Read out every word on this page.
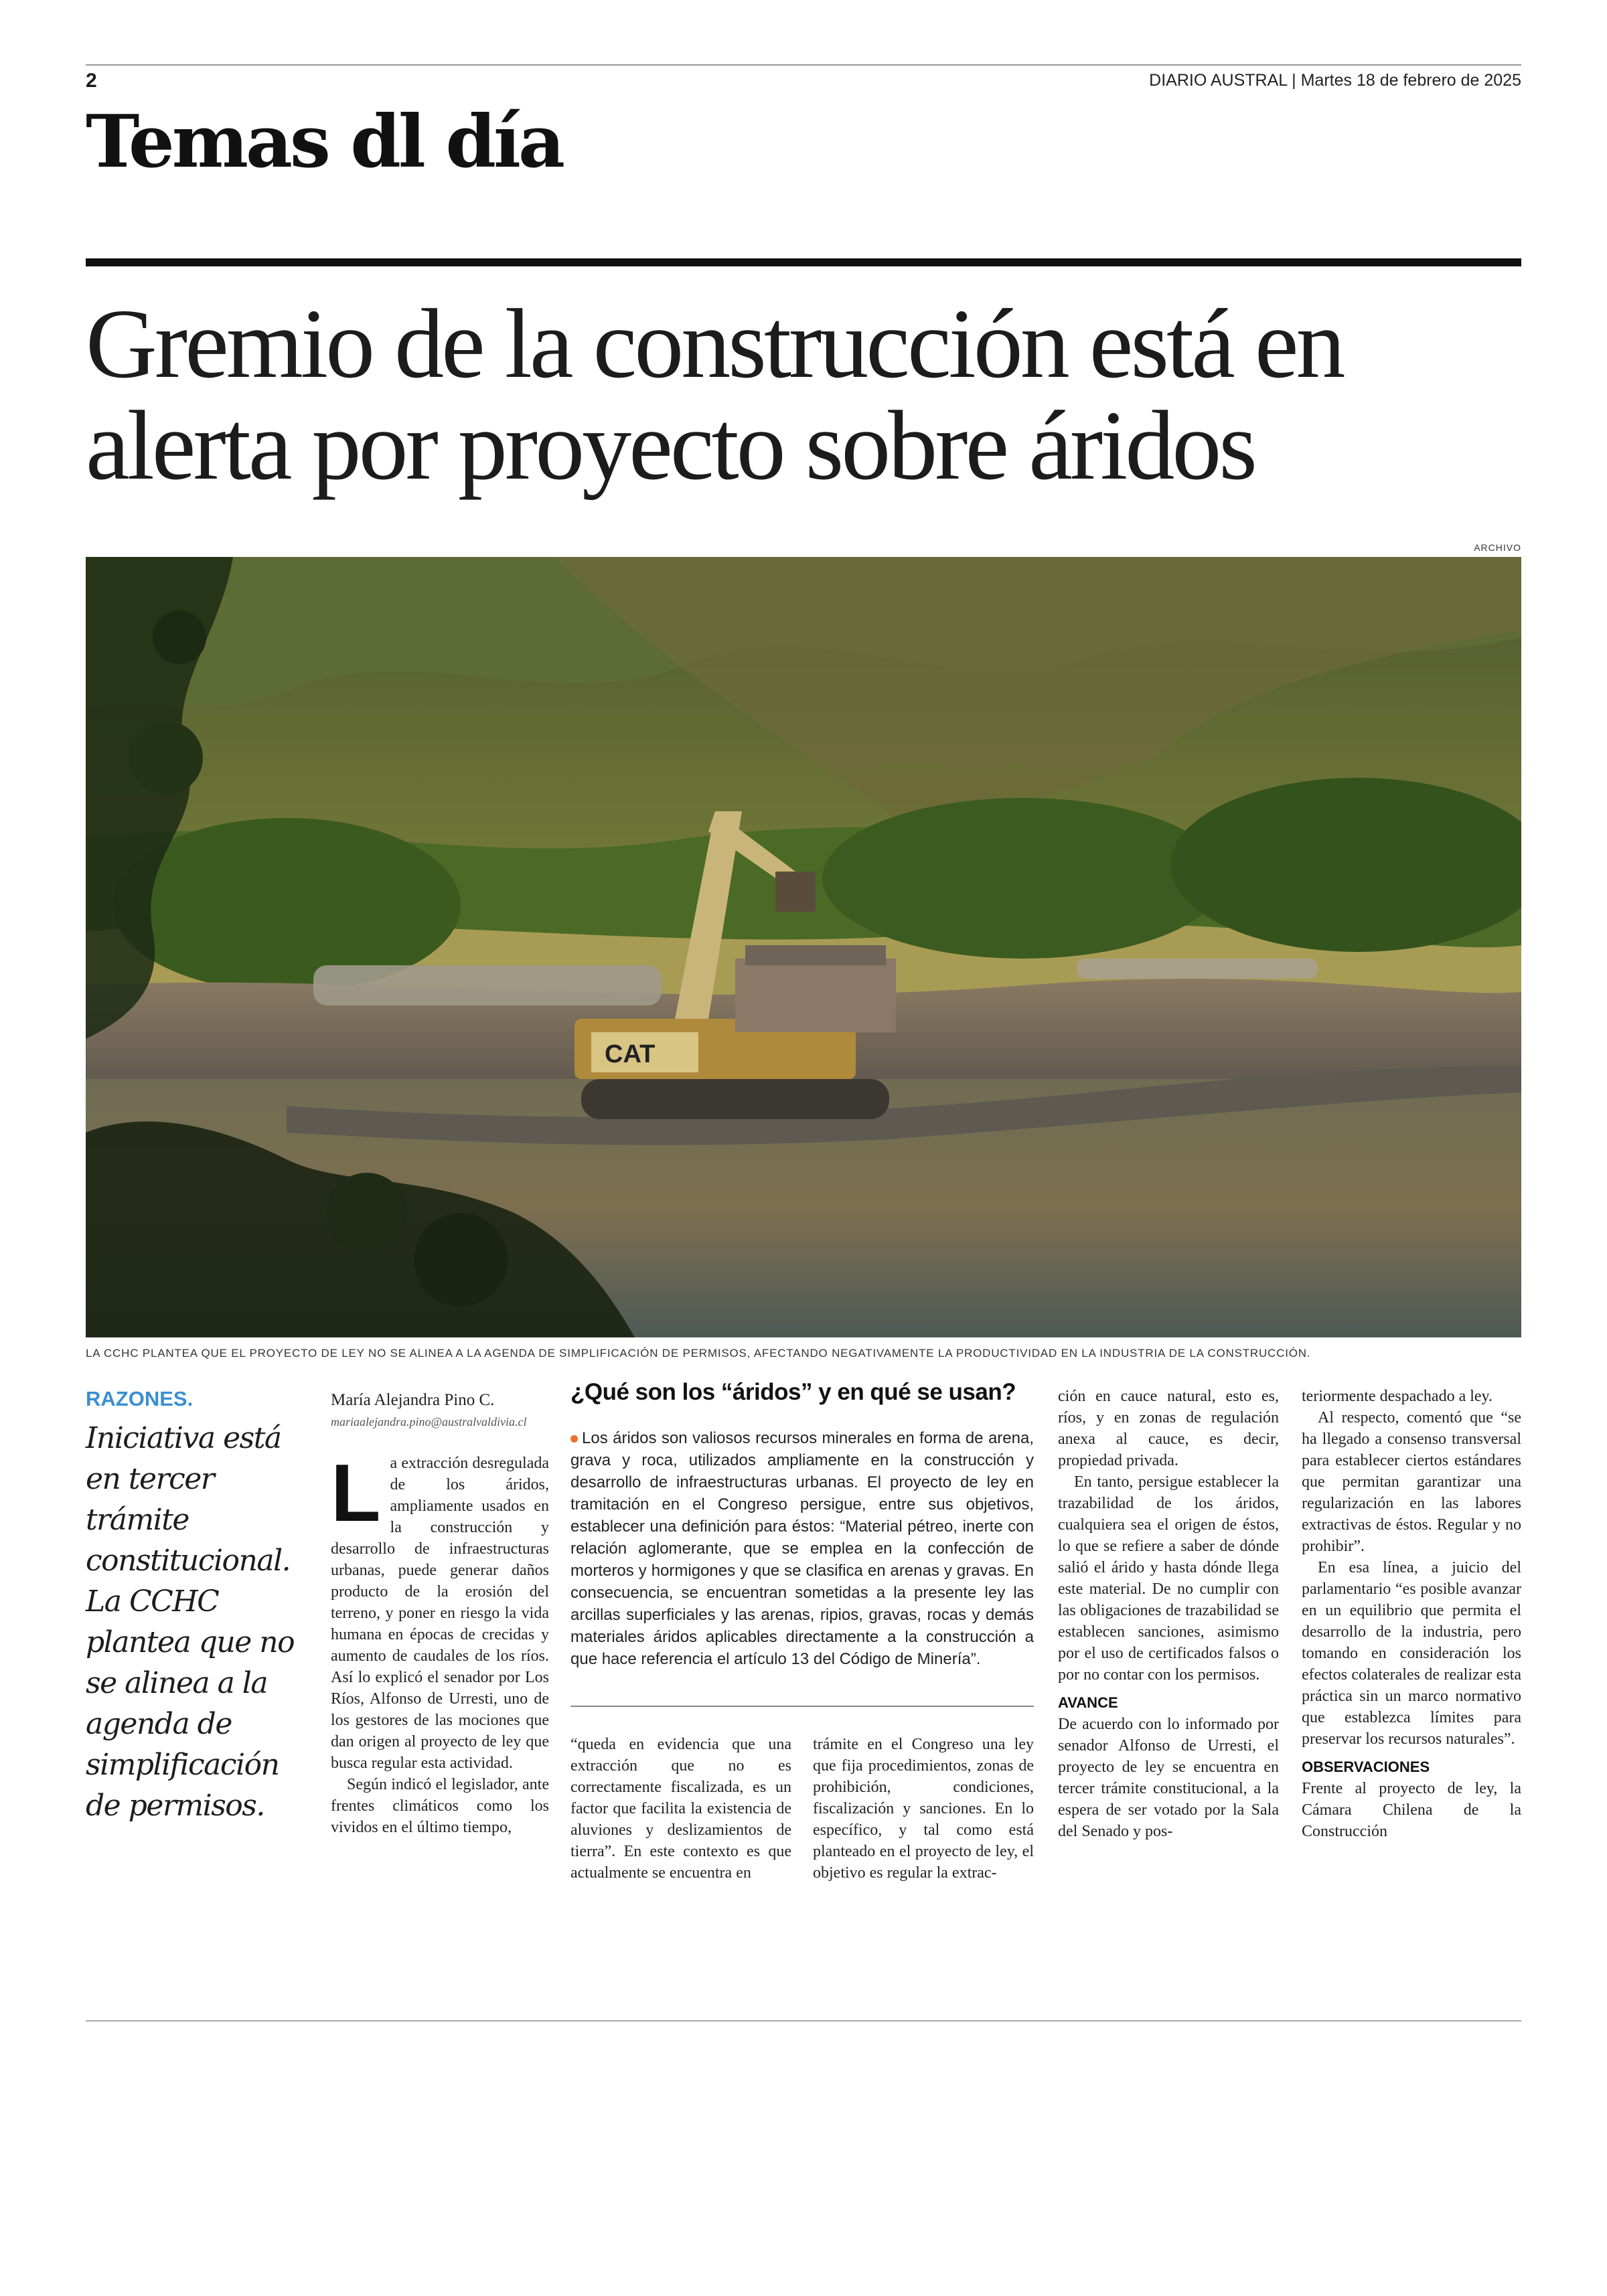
2	DIARIO AUSTRAL | Martes 18 de febrero de 2025
Temas dl día
Gremio de la construcción está en
alerta por proyecto sobre áridos
ARCHIVO
CAT
LA CCHC PLANTEA QUE EL PROYECTO DE LEY NO SE ALINEA A LA AGENDA DE SIMPLIFICACIÓN DE PERMISOS, AFECTANDO NEGATIVAMENTE LA PRODUCTIVIDAD EN LA INDUSTRIA DE LA CONSTRUCCIÓN.
RAZONES.
Iniciativa está en tercer trámite constitucional. La CCHC plantea que no se alinea a la agenda de simplificación de permisos.
María Alejandra Pino C.
mariaalejandra.pino@australvaldivia.cl
L a extracción desregulada de los áridos, ampliamente usados en la construcción y desarrollo de infraestructuras urbanas, puede generar daños producto de la erosión del terreno, y poner en riesgo la vida humana en épocas de crecidas y aumento de caudales de los ríos. Así lo explicó el senador por Los Ríos, Alfonso de Urresti, uno de los gestores de las mociones que dan origen al proyecto de ley que busca regular esta actividad.

Según indicó el legislador, ante frentes climáticos como los vividos en el último tiempo,

¿Qué son los “áridos” y en qué se usan?
Los áridos son valiosos recursos minerales en forma de arena, grava y roca, utilizados ampliamente en la construcción y desarrollo de infraestructuras urbanas. El proyecto de ley en tramitación en el Congreso persigue, entre sus objetivos, establecer una definición para éstos: “Material pétreo, inerte con relación aglomerante, que se emplea en la confección de morteros y hormigones y que se clasifica en arenas y gravas. En consecuencia, se encuentran sometidas a la presente ley las arcillas superficiales y las arenas, ripios, gravas, rocas y demás materiales áridos aplicables directamente a la construcción a que hace referencia el artículo 13 del Código de Minería”.

“queda en evidencia que una extracción que no es correctamente fiscalizada, es un factor que facilita la existencia de aluviones y deslizamientos de tierra”. En este contexto es que actualmente se encuentra en

trámite en el Congreso una ley que fija procedimientos, zonas de prohibición, condiciones, fiscalización y sanciones. En lo específico, y tal como está planteado en el proyecto de ley, el objetivo es regular la extrac-

ción en cauce natural, esto es, ríos, y en zonas de regulación anexa al cauce, es decir, propiedad privada.

En tanto, persigue establecer la trazabilidad de los áridos, cualquiera sea el origen de éstos, lo que se refiere a saber de dónde salió el árido y hasta dónde llega este material. De no cumplir con las obligaciones de trazabilidad se establecen sanciones, asimismo por el uso de certificados falsos o por no contar con los permisos.

AVANCE

De acuerdo con lo informado por senador Alfonso de Urresti, el proyecto de ley se encuentra en tercer trámite constitucional, a la espera de ser votado por la Sala del Senado y pos-

teriormente despachado a ley.

Al respecto, comentó que “se ha llegado a consenso transversal para establecer ciertos estándares que permitan garantizar una regularización en las labores extractivas de éstos. Regular y no prohibir”.

En esa línea, a juicio del parlamentario “es posible avanzar en un equilibrio que permita el desarrollo de la industria, pero tomando en consideración los efectos colaterales de realizar esta práctica sin un marco normativo que establezca límites para preservar los recursos naturales”.

OBSERVACIONES

Frente al proyecto de ley, la Cámara Chilena de la Construcción
